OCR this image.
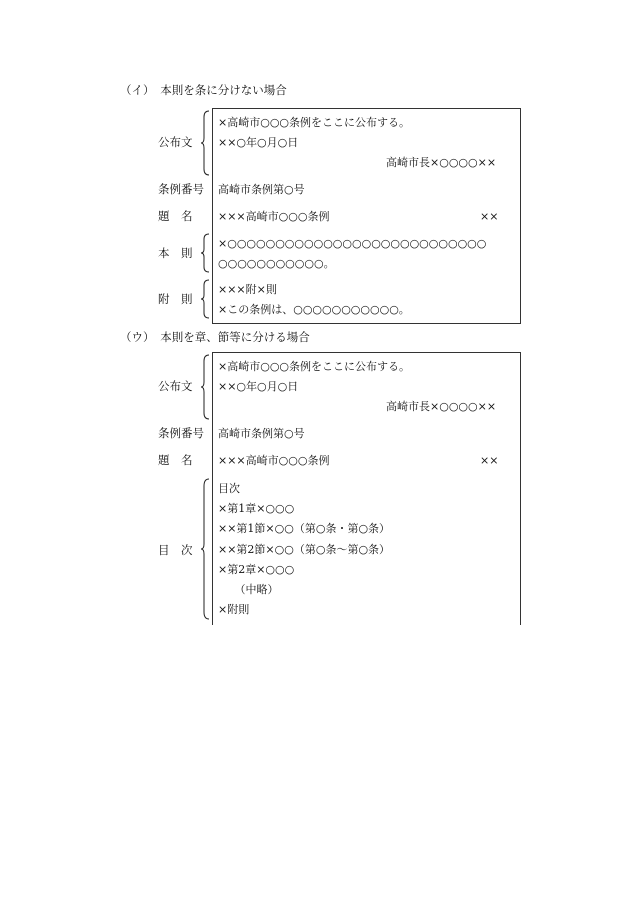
（イ）　本則を条に分けない場合
公布文
×高崎市○○○条例をここに公布する。
××○年○月○日
高崎市長×○○○○××
条例番号 高崎市条例第○号
題　名 ×××高崎市○○○条例	××
本　則
×○○○○○○○○○○○○○○○○○○○○○○○○○○○
○○○○○○○○○○○。
附　則
×××附×則
×この条例は、○○○○○○○○○○○。
（ウ）　本則を章、節等に分ける場合
公布文
×高崎市○○○条例をここに公布する。
××○年○月○日
高崎市長×○○○○××
条例番号 高崎市条例第○号
題　名 ×××高崎市○○○条例	××
目　次
目次
×第1章×○○○
××第1節×○○（第○条・第○条）
××第2節×○○（第○条～第○条）
×第2章×○○○
　　（中略）
×附則
